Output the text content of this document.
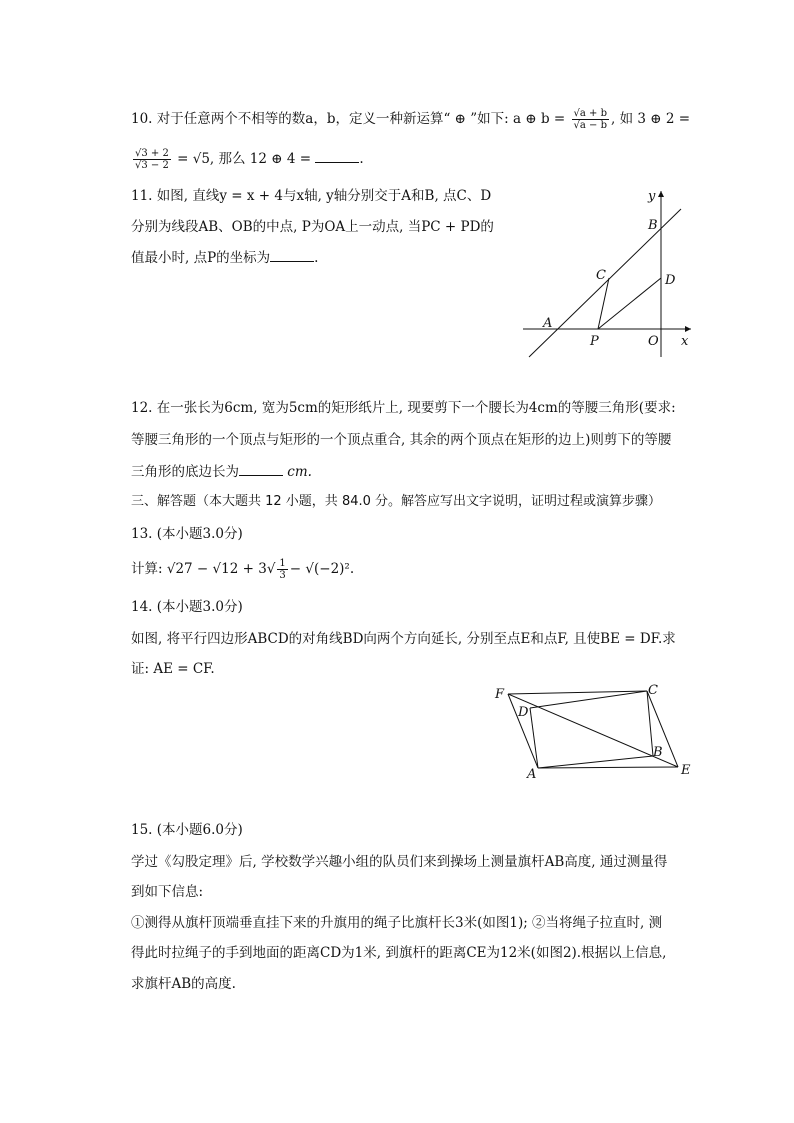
10. 对于任意两个不相等的数a，b，定义一种新运算“ ⊕ ”如下: a ⊕ $b = \frac{√a + b}{√a - b}$ , 如 3 ⊕ 2 =
$\frac{√3 + 2}{√3 - 2} = √5$, 那么 12 ⊕ 4 =	.
11. 如图, 直线y = x + 4与x轴, y轴分别交于A和B, 点C、D
分别为线段AB、OB的中点, P为OA上一动点, 当PC + PD的
值最小时, 点P的坐标为	.
y
B
C	D
A
P	O x
12. 在一张长为6cm, 宽为5cm的矩形纸片上, 现要剪下一个腰长为4cm的等腰三角形(要求:
等腰三角形的一个顶点与矩形的一个顶点重合, 其余的两个顶点在矩形的边上)则剪下的等腰
三角形的底边长为	cm.
三、解答题（本大题共 12 小题，共 84.0 分。解答应写出文字说明，证明过程或演算步骤）
13. (本小题3.0分)
计算: $√27 - √12 + 3√ \frac{1}{3} - √(-2)^2$.
14. (本小题3.0分)
如图, 将平行四边形ABCD的对角线BD向两个方向延长, 分别至点E和点F, 且使BE = DF.求
证: AE = CF.
F
D
C
B
A	E
15. (本小题6.0分)
学过《勾股定理》后, 学校数学兴趣小组的队员们来到操场上测量旗杆AB高度, 通过测量得
到如下信息:
①测得从旗杆顶端垂直挂下来的升旗用的绳子比旗杆长3米(如图1); ②当将绳子拉直时, 测
得此时拉绳子的手到地面的距离CD为1米, 到旗杆的距离CE为12米(如图2).根据以上信息,
求旗杆AB的高度.
